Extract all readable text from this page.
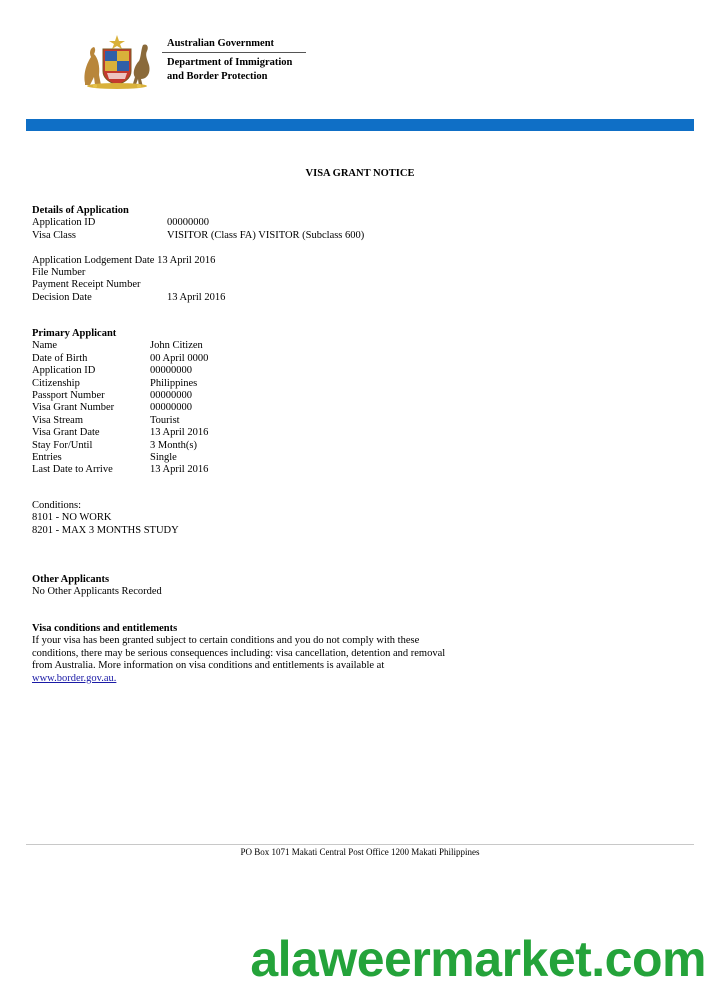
Australian Government
Department of Immigration
and Border Protection
VISA GRANT NOTICE
Details of Application
Application ID	00000000
Visa Class	VISITOR (Class FA) VISITOR (Subclass 600)
Application Lodgement Date 13 April 2016
File Number
Payment Receipt Number
Decision Date	13 April 2016
Primary Applicant
Name	John Citizen
Date of Birth	00 April 0000
Application ID	00000000
Citizenship	Philippines
Passport Number	00000000
Visa Grant Number	00000000
Visa Stream	Tourist
Visa Grant Date	13 April 2016
Stay For/Until	3 Month(s)
Entries	Single
Last Date to Arrive	13 April 2016
Conditions:
8101 - NO WORK
8201 - MAX 3 MONTHS STUDY
Other Applicants
No Other Applicants Recorded
Visa conditions and entitlements

If your visa has been granted subject to certain conditions and you do not comply with these conditions, there may be serious consequences including: visa cancellation, detention and removal from Australia. More information on visa conditions and entitlements is available at
www.border.gov.au.

PO Box 1071 Makati Central Post Office 1200 Makati Philippines
alaweermarket.com
